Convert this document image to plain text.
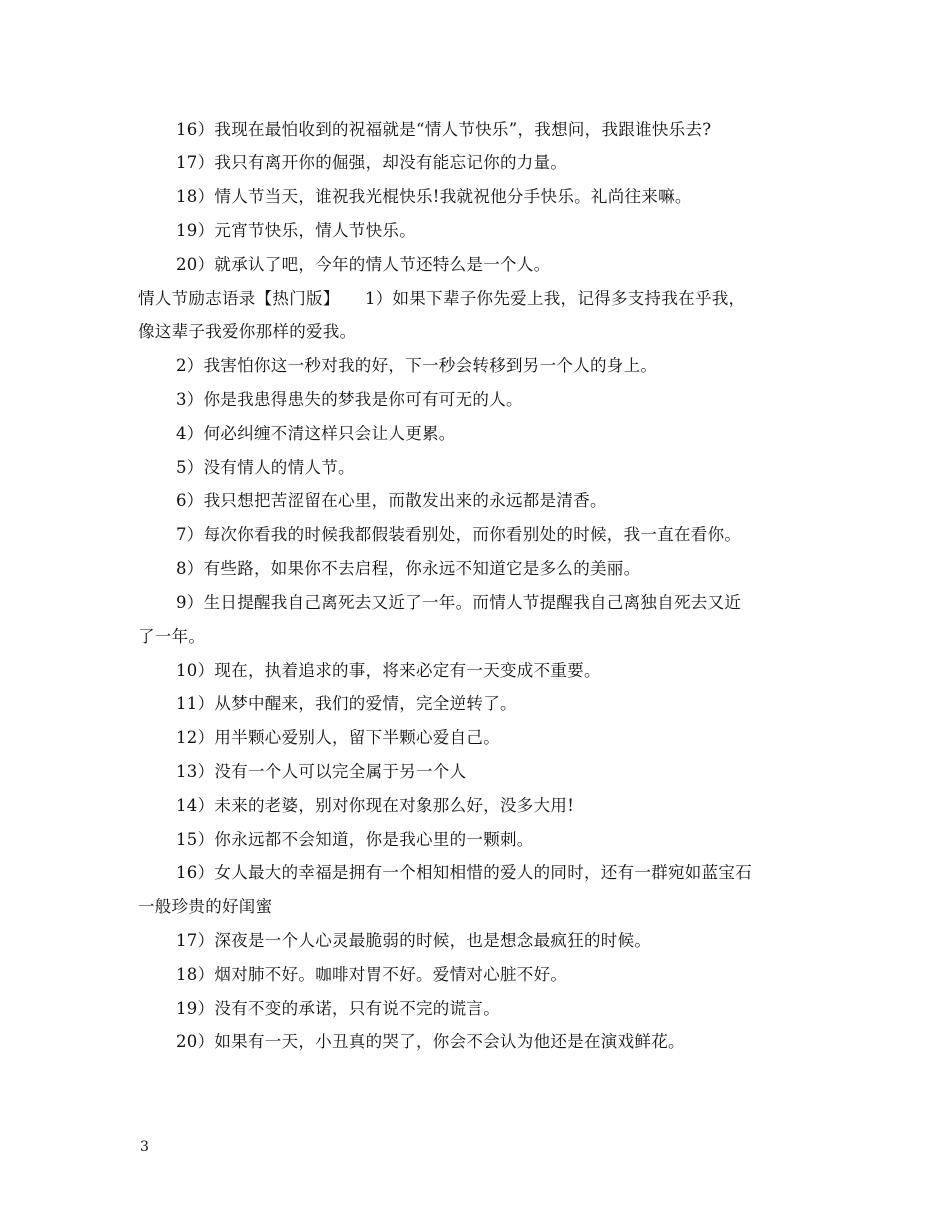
16）我现在最怕收到的祝福就是“情人节快乐”，我想问，我跟谁快乐去?
17）我只有离开你的倔强，却没有能忘记你的力量。
18）情人节当天，谁祝我光棍快乐!我就祝他分手快乐。礼尚往来嘛。
19）元宵节快乐，情人节快乐。
20）就承认了吧，今年的情人节还特么是一个人。
情人节励志语录【热门版】　　1）如果下辈子你先爱上我，记得多支持我在乎我，
像这辈子我爱你那样的爱我。
2）我害怕你这一秒对我的好，下一秒会转移到另一个人的身上。
3）你是我患得患失的梦我是你可有可无的人。
4）何必纠缠不清这样只会让人更累。
5）没有情人的情人节。
6）我只想把苦涩留在心里，而散发出来的永远都是清香。
7）每次你看我的时候我都假装看别处，而你看别处的时候，我一直在看你。
8）有些路，如果你不去启程，你永远不知道它是多么的美丽。
9）生日提醒我自己离死去又近了一年。而情人节提醒我自己离独自死去又近
了一年。
10）现在，执着追求的事，将来必定有一天变成不重要。
11）从梦中醒来，我们的爱情，完全逆转了。
12）用半颗心爱别人，留下半颗心爱自己。
13）没有一个人可以完全属于另一个人
14）未来的老婆，别对你现在对象那么好，没多大用!
15）你永远都不会知道，你是我心里的一颗刺。
16）女人最大的幸福是拥有一个相知相惜的爱人的同时，还有一群宛如蓝宝石
一般珍贵的好闺蜜
17）深夜是一个人心灵最脆弱的时候，也是想念最疯狂的时候。
18）烟对肺不好。咖啡对胃不好。爱情对心脏不好。
19）没有不变的承诺，只有说不完的谎言。
20）如果有一天，小丑真的哭了，你会不会认为他还是在演戏鲜花。
3
